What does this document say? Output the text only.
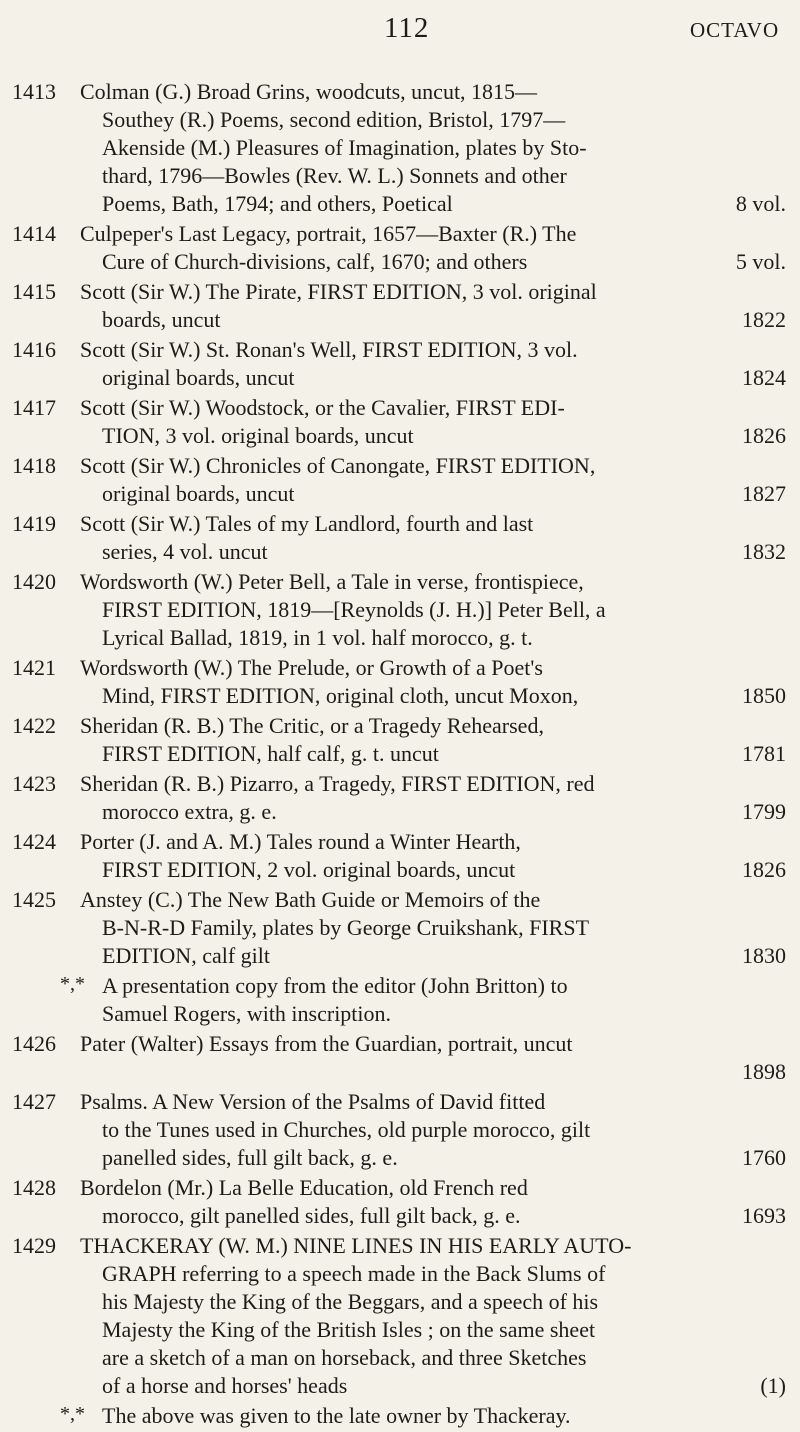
112	OCTAVO
1413	Colman (G.) Broad Grins, woodcuts, uncut, 1815—
Southey (R.) Poems, second edition, Bristol, 1797—
Akenside (M.) Pleasures of Imagination, plates by Sto-
thard, 1796—Bowles (Rev. W. L.) Sonnets and other
Poems, Bath, 1794; and others, Poetical	8 vol.
1414	Culpeper's Last Legacy, portrait, 1657—Baxter (R.) The
Cure of Church-divisions, calf, 1670; and others	5 vol.
1415	Scott (Sir W.) The Pirate, FIRST EDITION, 3 vol. original
boards, uncut	1822
1416	Scott (Sir W.) St. Ronan's Well, FIRST EDITION, 3 vol.
original boards, uncut	1824
1417	Scott (Sir W.) Woodstock, or the Cavalier, FIRST EDI-
TION, 3 vol. original boards, uncut	1826
1418	Scott (Sir W.) Chronicles of Canongate, FIRST EDITION,
original boards, uncut	1827
1419	Scott (Sir W.) Tales of my Landlord, fourth and last
series, 4 vol. uncut	1832
1420	Wordsworth (W.) Peter Bell, a Tale in verse, frontispiece,
FIRST EDITION, 1819—[Reynolds (J. H.)] Peter Bell, a
Lyrical Ballad, 1819, in 1 vol. half morocco, g. t.
1421	Wordsworth (W.) The Prelude, or Growth of a Poet's
Mind, FIRST EDITION, original cloth, uncut Moxon,	1850
1422	Sheridan (R. B.) The Critic, or a Tragedy Rehearsed,
FIRST EDITION, half calf, g. t. uncut	1781
1423	Sheridan (R. B.) Pizarro, a Tragedy, FIRST EDITION, red
morocco extra, g. e.	1799
1424	Porter (J. and A. M.) Tales round a Winter Hearth,
FIRST EDITION, 2 vol. original boards, uncut	1826
1425	Anstey (C.) The New Bath Guide or Memoirs of the
B-N-R-D Family, plates by George Cruikshank, FIRST
EDITION, calf gilt	1830
*,* A presentation copy from the editor (John Britton) to
Samuel Rogers, with inscription.
1426	Pater (Walter) Essays from the Guardian, portrait, uncut

1898
1427	Psalms. A New Version of the Psalms of David fitted
to the Tunes used in Churches, old purple morocco, gilt
panelled sides, full gilt back, g. e.	1760
1428	Bordelon (Mr.) La Belle Education, old French red
morocco, gilt panelled sides, full gilt back, g. e.	1693
1429	THACKERAY (W. M.) NINE LINES IN HIS EARLY AUTO-
GRAPH referring to a speech made in the Back Slums of
his Majesty the King of the Beggars, and a speech of his
Majesty the King of the British Isles ; on the same sheet
are a sketch of a man on horseback, and three Sketches
of a horse and horses' heads	(1)
*,* The above was given to the late owner by Thackeray.
